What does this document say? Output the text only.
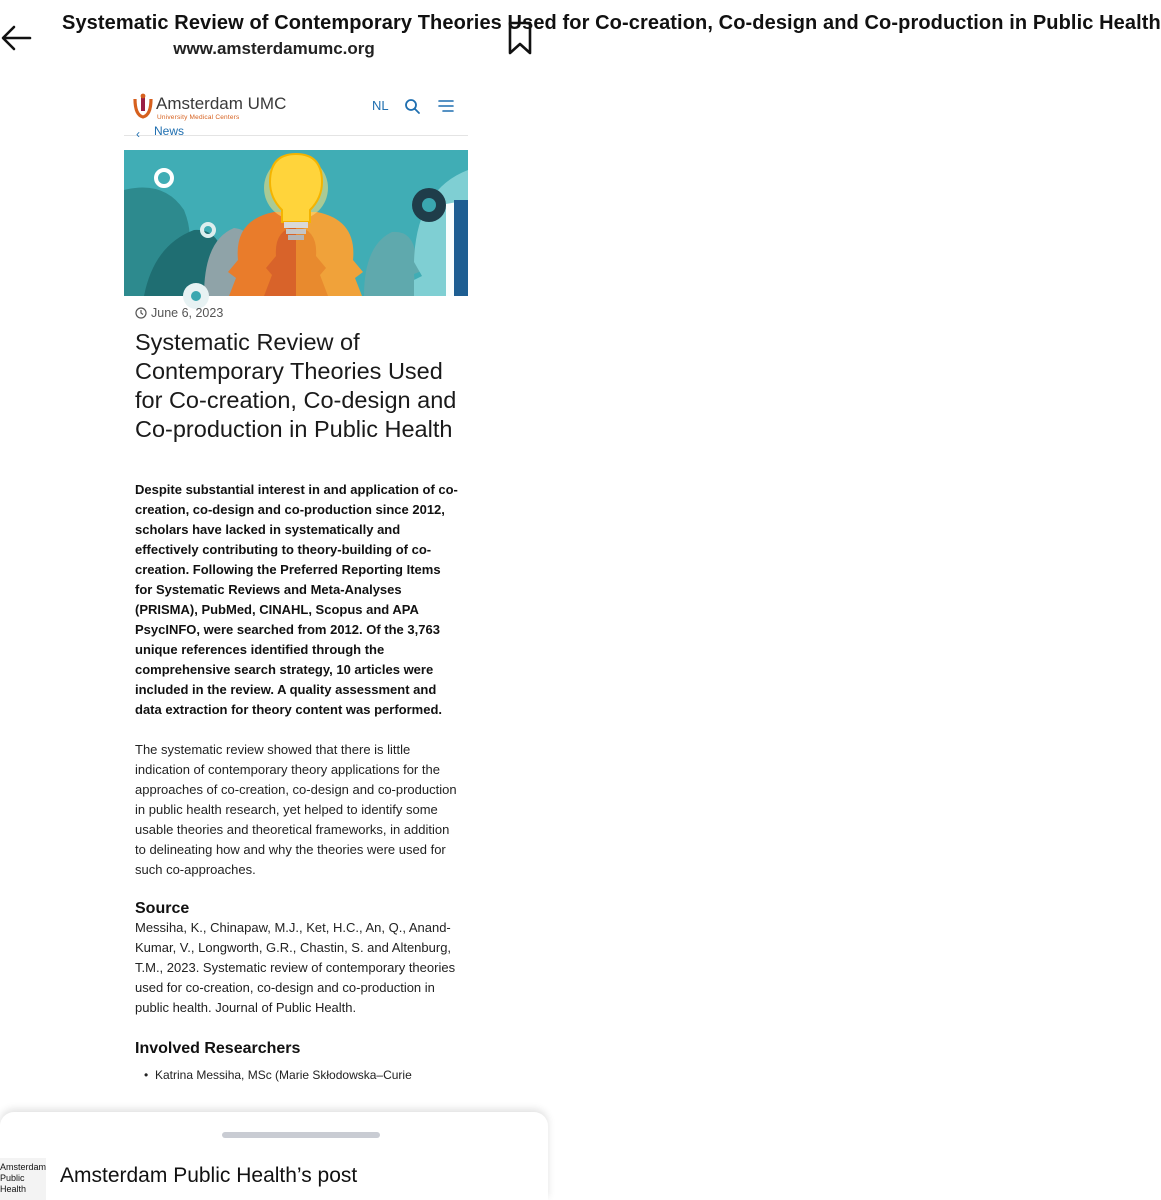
Systematic Review of Contemporary Theories Used for Co-creation, Co-design and Co-production in Public Health
www.amsterdamumc.org
Amsterdam UMC
University Medical Centers
NL
‹ News
June 6, 2023
Systematic Review of Contemporary Theories Used for Co-creation, Co-design and Co-production in Public Health

Despite substantial interest in and application of co-creation, co-design and co-production since 2012, scholars have lacked in systematically and effectively contributing to theory-building of co-creation. Following the Preferred Reporting Items for Systematic Reviews and Meta-Analyses (PRISMA), PubMed, CINAHL, Scopus and APA PsycINFO, were searched from 2012. Of the 3,763 unique references identified through the comprehensive search strategy, 10 articles were included in the review. A quality assessment and data extraction for theory content was performed.

The systematic review showed that there is little indication of contemporary theory applications for the approaches of co-creation, co-design and co-production in public health research, yet helped to identify some usable theories and theoretical frameworks, in addition to delineating how and why the theories were used for such co-approaches.

Source

Messiha, K., Chinapaw, M.J., Ket, H.C., An, Q., Anand-Kumar, V., Longworth, G.R., Chastin, S. and Altenburg, T.M., 2023. Systematic review of contemporary theories used for co-creation, co-design and co-production in public health. Journal of Public Health.

Involved Researchers
• Katrina Messiha, MSc (Marie Skłodowska–Curie
Amsterdam
Public
Health
Amsterdam Public Health’s post
